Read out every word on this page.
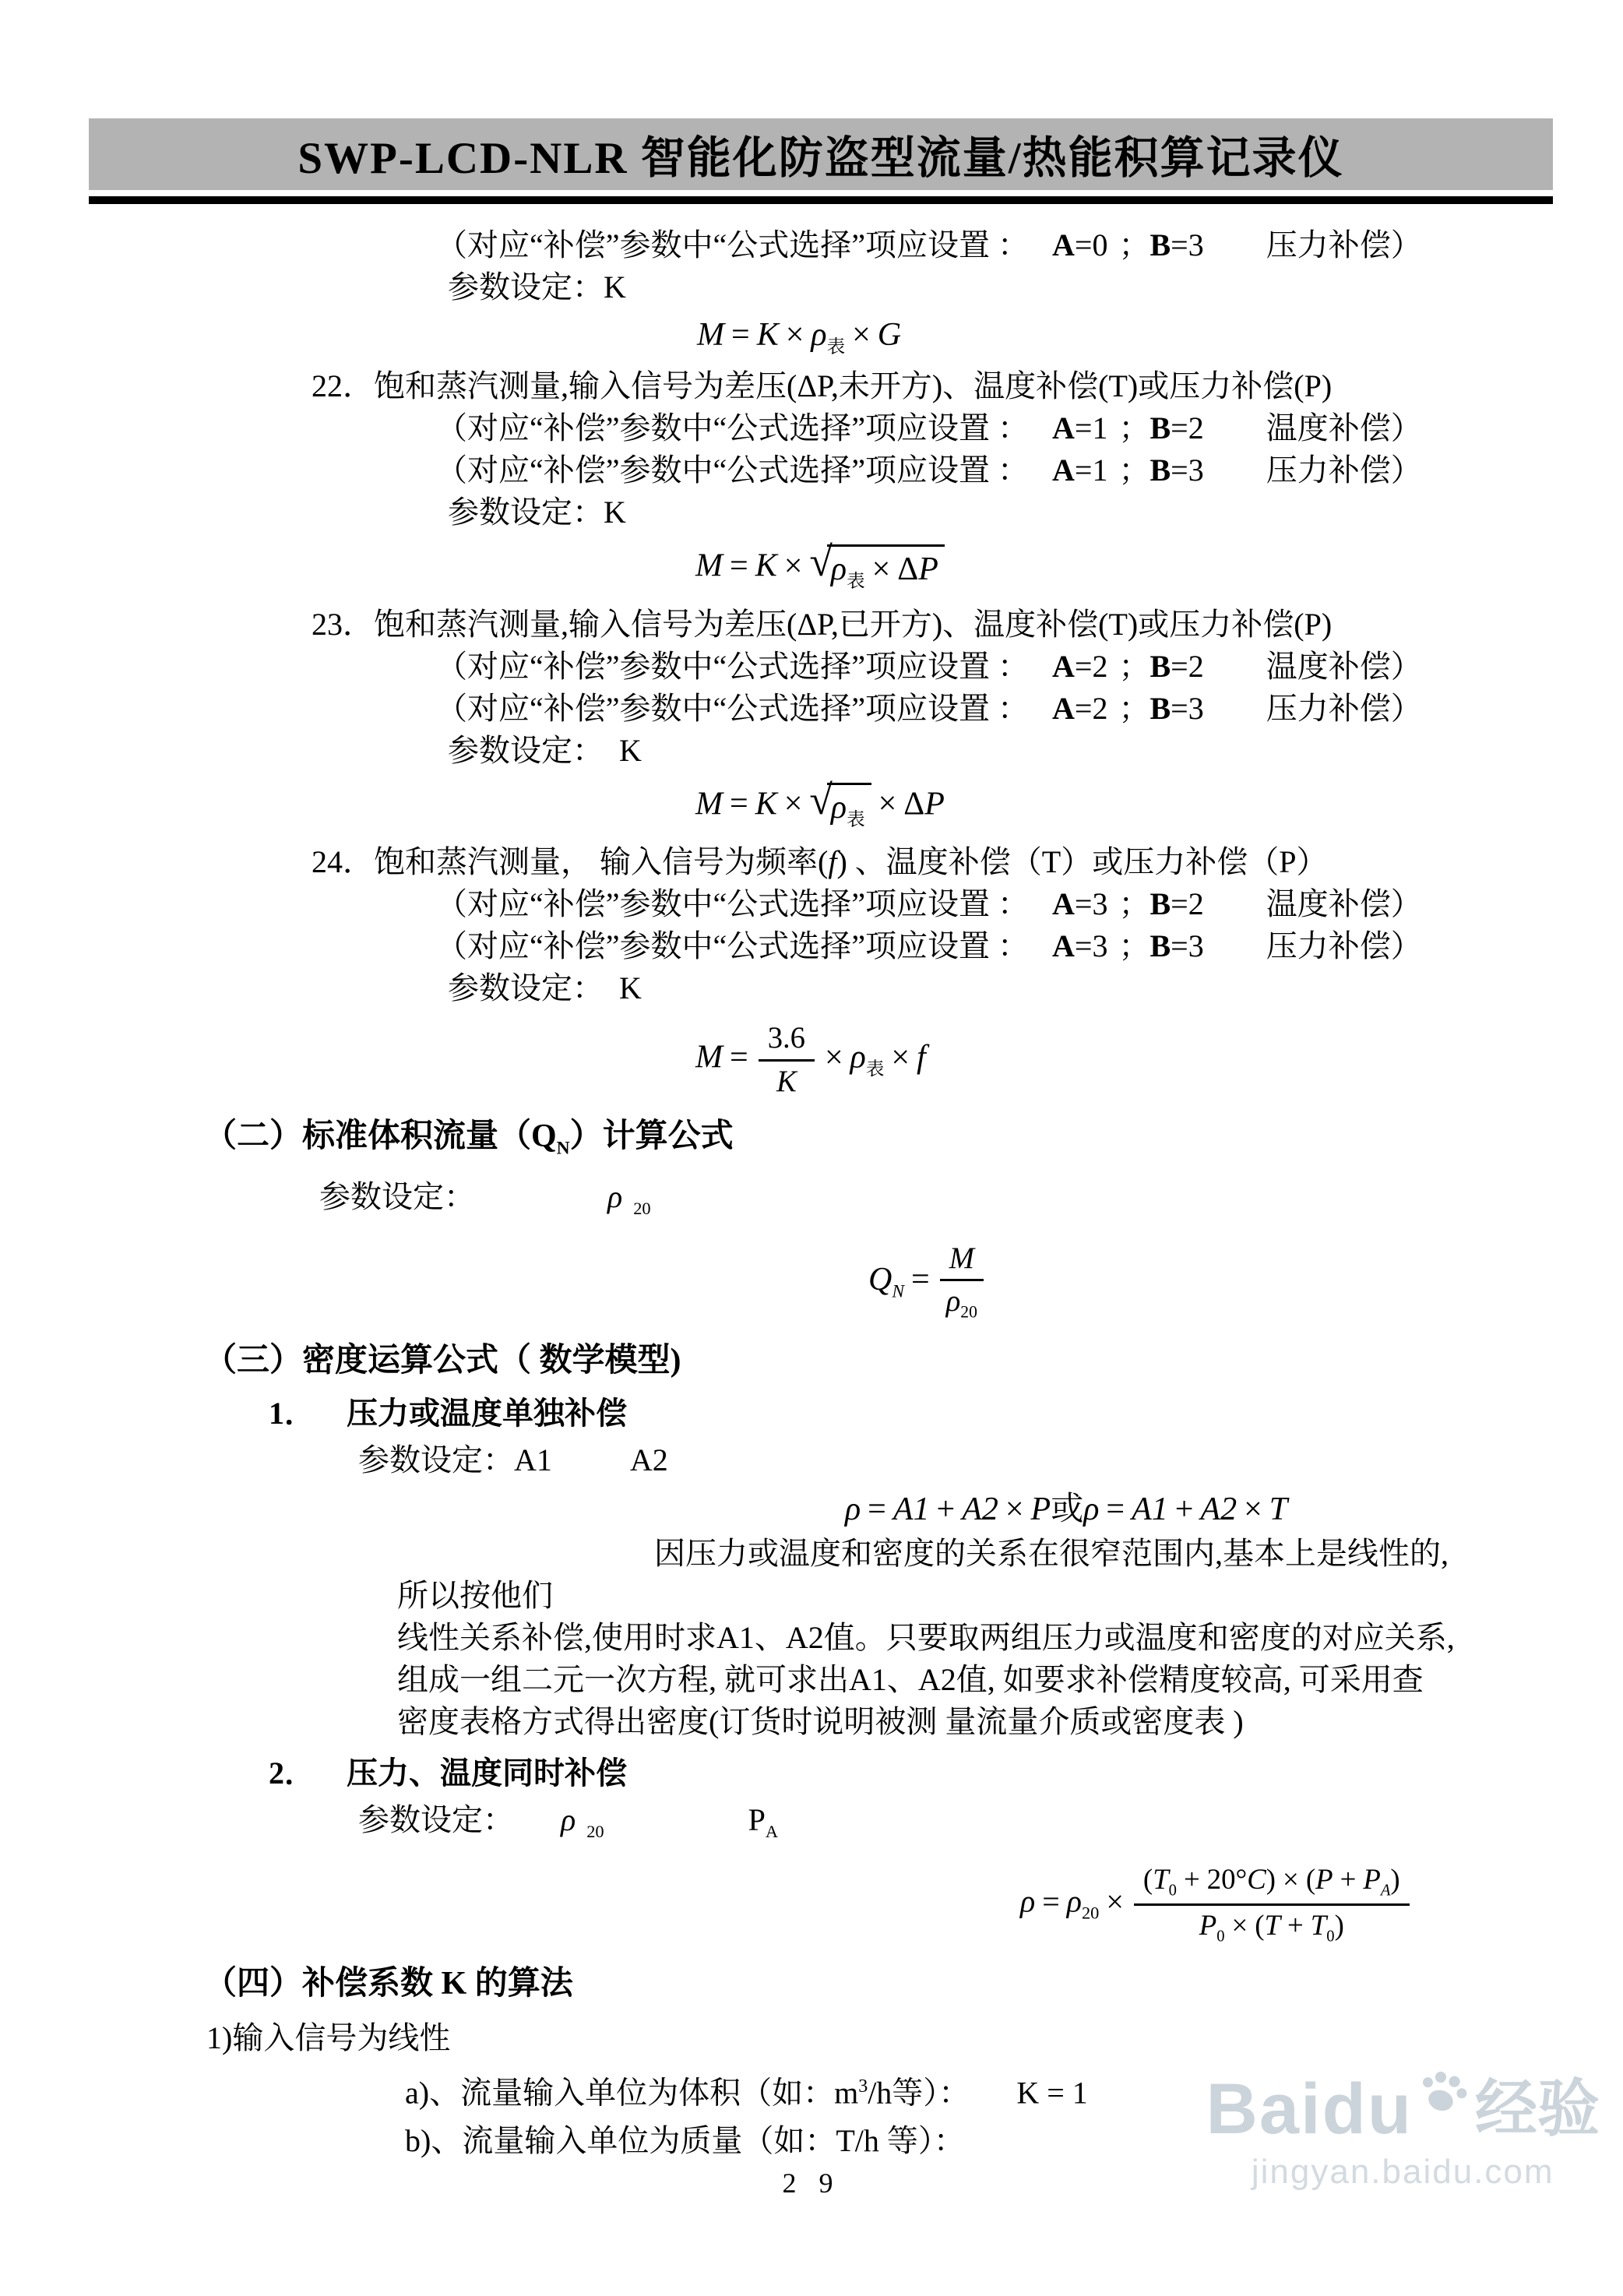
SWP-LCD-NLR 智能化防盗型流量/热能积算记录仪
（对应“补偿”参数中“公式选择”项应设置 ： A=0 ；B=3 压力补偿）
参数设定：K
$M = K \times \rho_表 \times G$
22．饱和蒸汽测量,输入信号为差压(ΔP,未开方)、温度补偿(T)或压力补偿(P)
（对应“补偿”参数中“公式选择”项应设置 ： A=1 ；B=2 温度补偿）
（对应“补偿”参数中“公式选择”项应设置 ： A=1 ；B=3 压力补偿）
参数设定：K
M = K × √
$\rho_表 \times \Delta P$
23．饱和蒸汽测量,输入信号为差压(ΔP,已开方)、温度补偿(T)或压力补偿(P)
（对应“补偿”参数中“公式选择”项应设置 ： A=2 ；B=2 温度补偿）
（对应“补偿”参数中“公式选择”项应设置 ： A=2 ；B=3 压力补偿）
参数设定：  K
M = K × √
$\rho_表 \times \Delta P$
24．饱和蒸汽测量， 输入信号为频率(f) 、温度补偿（T）或压力补偿（P）
（对应“补偿”参数中“公式选择”项应设置 ： A=3 ；B=2 温度补偿）
（对应“补偿”参数中“公式选择”项应设置 ： A=3 ；B=3 压力补偿）
参数设定：  K
$M = \frac{3.6}{K} \times \rho_表 \times f$
（二）标准体积流量$(Q_N)$计算公式
参数设定：	ρ $_{20}$
$Q_N = \frac{M}{\rho_{20}}$
（三）密度运算公式（ 数学模型)
1． 压力或温度单独补偿
参数设定：A1	A2
ρ = A1 + A2 × P或ρ = A1 + A2 × T
因压力或温度和密度的关系在很窄范围内,基本上是线性的,
所以按他们
线性关系补偿,使用时求A1、A2值。只要取两组压力或温度和密度的对应关系,
组成一组二元一次方程, 就可求出A1、A2值, 如要求补偿精度较高, 可采用查
密度表格方式得出密度(订货时说明被测 量流量介质或密度表 )
2． 压力、温度同时补偿
参数设定： ρ $_{20}$	$P_A$
$\rho = \rho_{20} \times \frac{(T_0 + 20^\circ C) \times (P + P_A)}{P_0 \times (T + T_0)}$
（四）补偿系数 K 的算法
1)输入信号为线性
a)、流量输入单位为体积（如：$m^3/h$等）： K = 1
b)、流量输入单位为质量（如：T/h 等）：
2 9
Baidu 经验
jingyan.baidu.com
